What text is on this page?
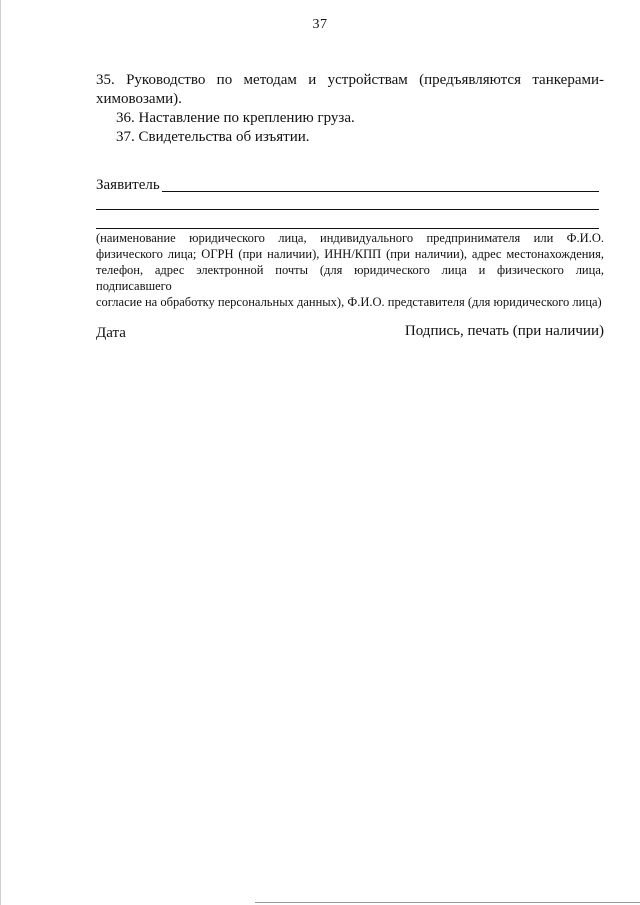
37
35. Руководство по методам и устройствам (предъявляются танкерами-
химовозами).
36. Наставление по креплению груза.
37. Свидетельства об изъятии.
Заявитель
(наименование юридического лица, индивидуального предпринимателя или Ф.И.О.
физического лица; ОГРН (при наличии), ИНН/КПП (при наличии), адрес местонахождения,
телефон, адрес электронной почты (для юридического лица и физического лица, подписавшего
согласие на обработку персональных данных), Ф.И.О. представителя (для юридического лица)
Дата	Подпись, печать (при наличии)
